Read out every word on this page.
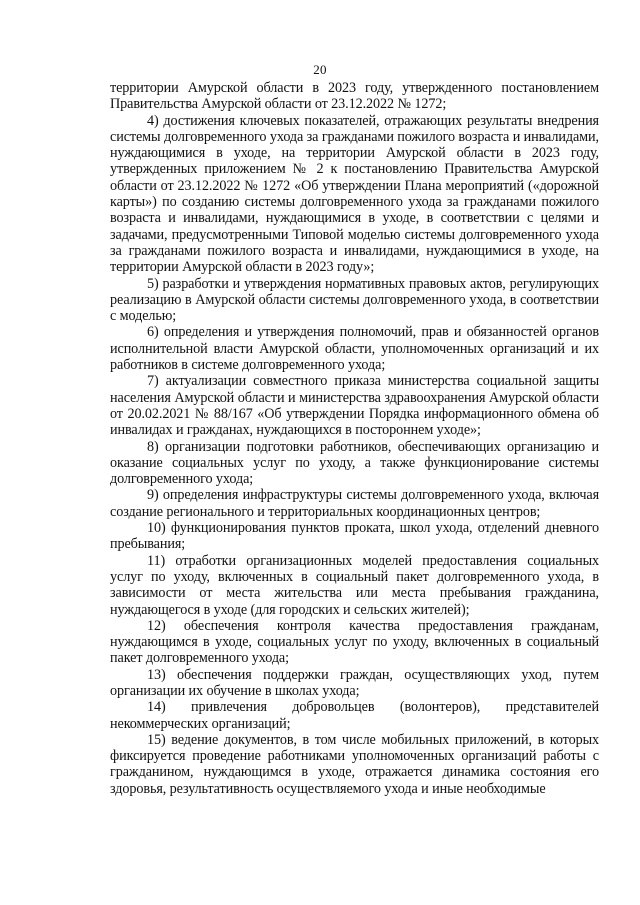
20

территории Амурской области в 2023 году, утвержденного постановлением Правительства Амурской области от 23.12.2022 № 1272;

4) достижения ключевых показателей, отражающих результаты внедрения системы долговременного ухода за гражданами пожилого возраста и инвалидами, нуждающимися в уходе, на территории Амурской области в 2023 году, утвержденных приложением № 2 к постановлению Правительства Амурской области от 23.12.2022 № 1272 «Об утверждении Плана мероприятий («дорожной карты») по созданию системы долговременного ухода за гражданами пожилого возраста и инвалидами, нуждающимися в уходе, в соответствии с целями и задачами, предусмотренными Типовой моделью системы долговременного ухода за гражданами пожилого возраста и инвалидами, нуждающимися в уходе, на территории Амурской области в 2023 году»;

5) разработки и утверждения нормативных правовых актов, регулирующих реализацию в Амурской области системы долговременного ухода, в соответствии с моделью;

6) определения и утверждения полномочий, прав и обязанностей органов исполнительной власти Амурской области, уполномоченных организаций и их работников в системе долговременного ухода;

7) актуализации совместного приказа министерства социальной защиты населения Амурской области и министерства здравоохранения Амурской области от 20.02.2021 № 88/167 «Об утверждении Порядка информационного обмена об инвалидах и гражданах, нуждающихся в постороннем уходе»;

8) организации подготовки работников, обеспечивающих организацию и оказание социальных услуг по уходу, а также функционирование системы долговременного ухода;

9) определения инфраструктуры системы долговременного ухода, включая создание регионального и территориальных координационных центров;

10) функционирования пунктов проката, школ ухода, отделений дневного пребывания;

11) отработки организационных моделей предоставления социальных услуг по уходу, включенных в социальный пакет долговременного ухода, в зависимости от места жительства или места пребывания гражданина, нуждающегося в уходе (для городских и сельских жителей);

12) обеспечения контроля качества предоставления гражданам, нуждающимся в уходе, социальных услуг по уходу, включенных в социальный пакет долговременного ухода;

13) обеспечения поддержки граждан, осуществляющих уход, путем организации их обучение в школах ухода;

14) привлечения добровольцев (волонтеров), представителей некоммерческих организаций;

15) ведение документов, в том числе мобильных приложений, в которых фиксируется проведение работниками уполномоченных организаций работы с гражданином, нуждающимся в уходе, отражается динамика состояния его здоровья, результативность осуществляемого ухода и иные необходимые
